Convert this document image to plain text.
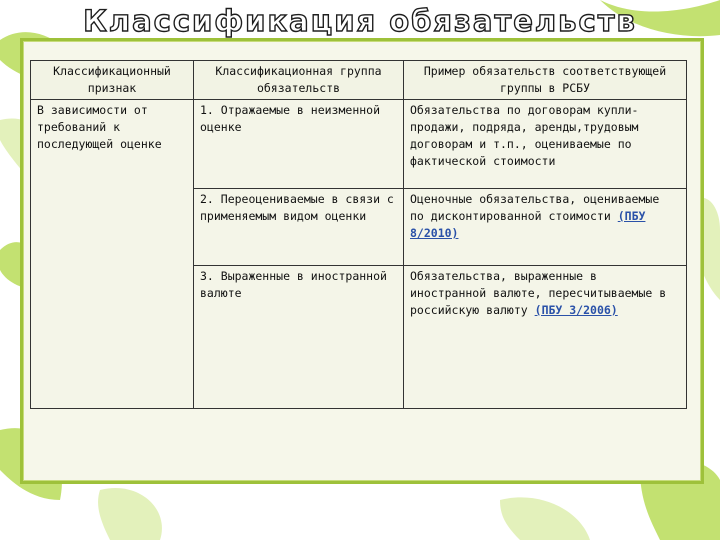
Классификация обязательств
Классификационный признак	Классификационная группа обязательств	Пример обязательств соответствующей группы в РСБУ
В зависимости от требований к последующей оценке	1. Отражаемые в неизменной оценке	Обязательства по договорам купли-продажи, подряда, аренды,трудовым договорам и т.п., оцениваемые по фактической стоимости
	2. Переоцениваемые в связи с применяемым видом оценки	Оценочные обязательства, оцениваемые по дисконтированной стоимости (ПБУ 8/2010)
	3. Выраженные в иностранной валюте	Обязательства, выраженные в иностранной валюте, пересчитываемые в российскую валюту (ПБУ 3/2006)
